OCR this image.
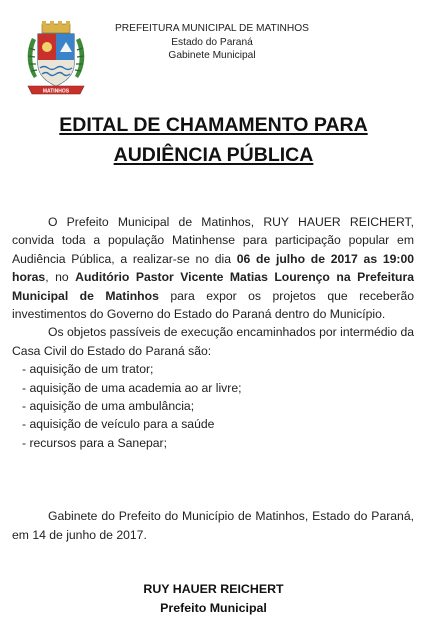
MATINHOS
PREFEITURA MUNICIPAL DE MATINHOS
Estado do Paraná
Gabinete Municipal
EDITAL DE CHAMAMENTO PARA
AUDIÊNCIA PÚBLICA

O Prefeito Municipal de Matinhos, RUY HAUER REICHERT, convida toda a população Matinhense para participação popular em Audiência Pública, a realizar-se no dia 06 de julho de 2017 as 19:00 horas, no Auditório Pastor Vicente Matias Lourenço na Prefeitura Municipal de Matinhos para expor os projetos que receberão investimentos do Governo do Estado do Paraná dentro do Município.

Os objetos passíveis de execução encaminhados por intermédio da Casa Civil do Estado do Paraná são:

- aquisição de um trator;
- aquisição de uma academia ao ar livre;
- aquisição de uma ambulância;
- aquisição de veículo para a saúde
- recursos para a Sanepar;

Gabinete do Prefeito do Município de Matinhos, Estado do Paraná, em 14 de junho de 2017.

RUY HAUER REICHERT
Prefeito Municipal
